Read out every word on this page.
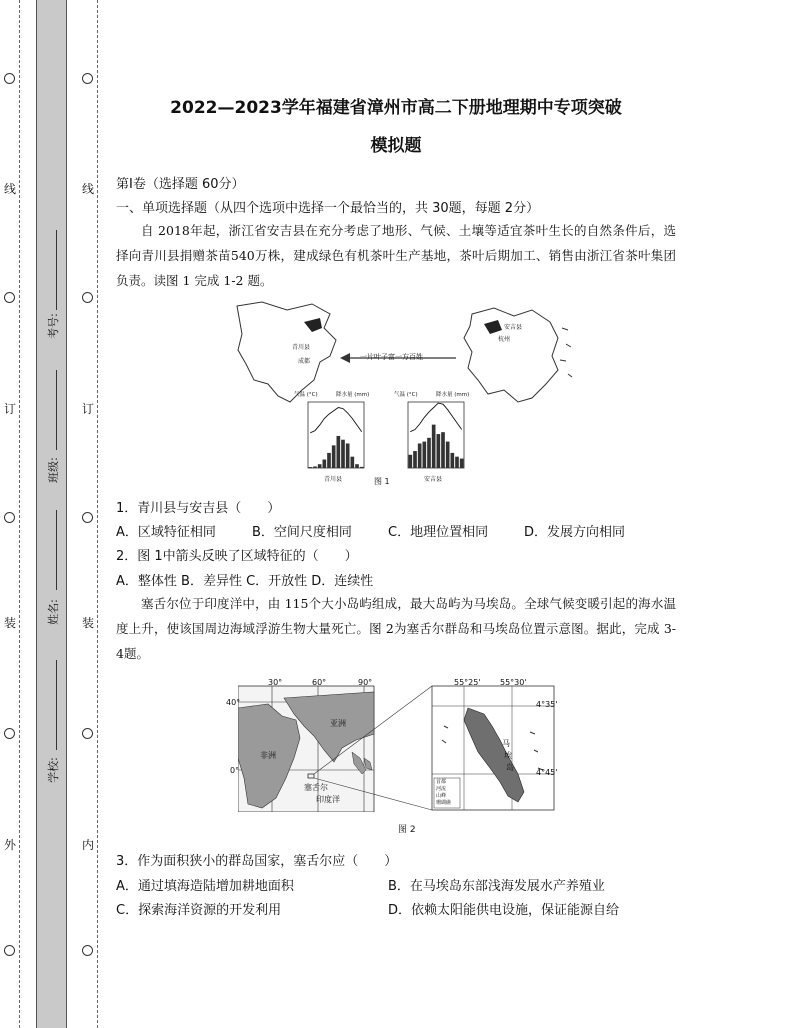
线
订
装
外
线
订
装
内
考号:
班级:
姓名:
学校:
2022—2023学年福建省漳州市高二下册地理期中专项突破
模拟题
第Ⅰ卷（选择题 60分）
一、单项选择题（从四个选项中选择一个最恰当的，共 30题，每题 2分）
自 2018年起，浙江省安吉县在充分考虑了地形、气候、土壤等适宜茶叶生长的自然条件后，选择向青川县捐赠茶苗540万株，建成绿色有机茶叶生产基地，茶叶后期加工、销售由浙江省茶叶集团负责。读图 1 完成 1-2 题。
一片叶子富一方百姓
青川县
成都
安吉县
杭州
气温 (°C)	降水量 (mm)	气温 (°C)	降水量 (mm)
青川县	安吉县
图 1
1．青川县与安吉县（　　）
A．区域特征相同	B．空间尺度相同	C．地理位置相同	D．发展方向相同
2．图 1中箭头反映了区域特征的（　　）
A．整体性 B．差异性 C．开放性 D．连续性
塞舌尔位于印度洋中，由 115个大小岛屿组成，最大岛屿为马埃岛。全球气候变暖引起的海水温度上升，使该国周边海域浮游生物大量死亡。图 2为塞舌尔群岛和马埃岛位置示意图。据此，完成 3-4题。
30°	60°	90°
40°
0°
亚洲
非洲
塞舌尔
印度洋
55°25' 55°30'
4°35'
4°45'
马
埃
岛
首都
河流
山峰
珊瑚礁
图 2
3．作为面积狭小的群岛国家，塞舌尔应（　　）
A．通过填海造陆增加耕地面积	B．在马埃岛东部浅海发展水产养殖业
C．探索海洋资源的开发利用	D．依赖太阳能供电设施，保证能源自给
